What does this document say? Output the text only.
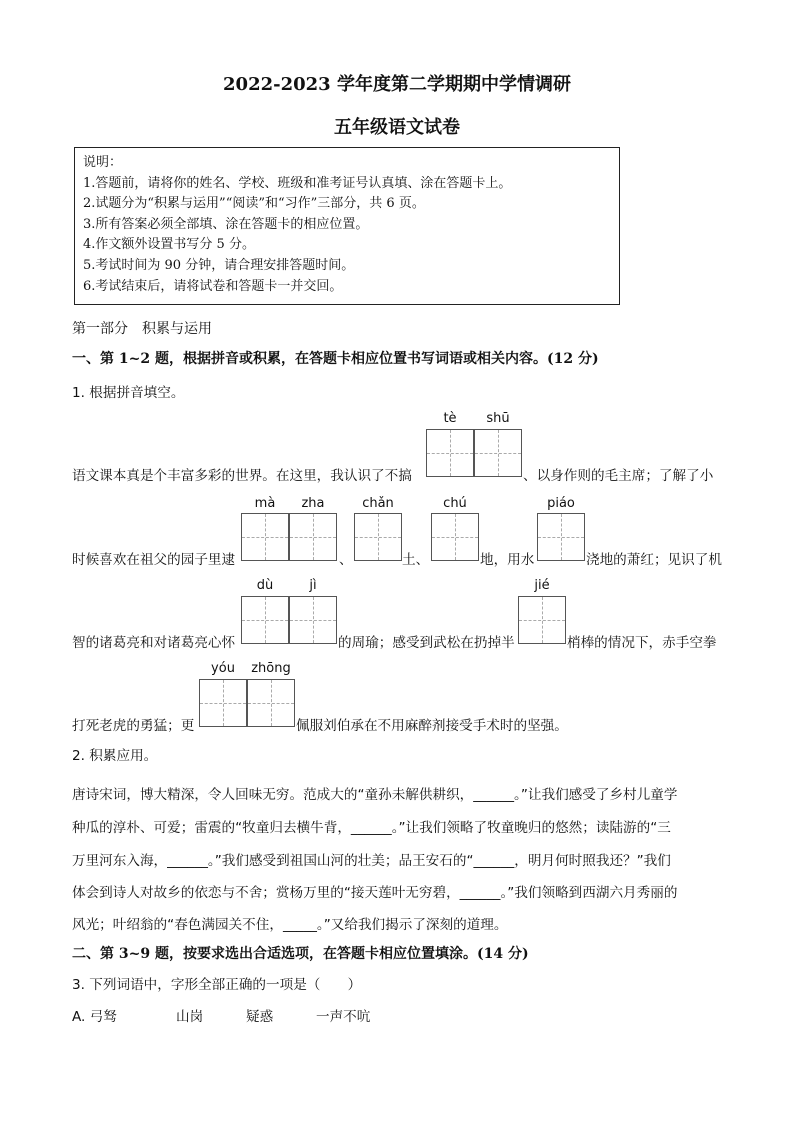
2022-2023 学年度第二学期期中学情调研
五年级语文试卷
说明：
1.答题前，请将你的姓名、学校、班级和准考证号认真填、涂在答题卡上。
2.试题分为“积累与运用”“阅读”和“习作”三部分，共 6 页。
3.所有答案必须全部填、涂在答题卡的相应位置。
4.作文额外设置书写分 5 分。
5.考试时间为 90 分钟，请合理安排答题时间。
6.考试结束后，请将试卷和答题卡一并交回。
第一部分　积累与运用
一、第 1~2 题，根据拼音或积累，在答题卡相应位置书写词语或相关内容。(12 分)
1. 根据拼音填空。
tè	shū
语文课本真是个丰富多彩的世界。在这里，我认识了不搞	、以身作则的毛主席；了解了小
mà	zha	chǎn	chú	piáo
时候喜欢在祖父的园子里逮	、	土、	地，用水	浇地的萧红；见识了机
dù	jì	jié
智的诸葛亮和对诸葛亮心怀	的周瑜；感受到武松在扔掉半	梢棒的情况下，赤手空拳
yóu	zhōng
打死老虎的勇猛；更	佩服刘伯承在不用麻醉剂接受手术时的坚强。
2. 积累应用。
唐诗宋词，博大精深，令人回味无穷。范成大的“童孙未解供耕织，______。”让我们感受了乡村儿童学
种瓜的淳朴、可爱；雷震的“牧童归去横牛背，______。”让我们领略了牧童晚归的悠然；读陆游的“三
万里河东入海，______。”我们感受到祖国山河的壮美；品王安石的“______，明月何时照我还？”我们
体会到诗人对故乡的依恋与不舍；赏杨万里的“接天莲叶无穷碧，______。”我们领略到西湖六月秀丽的
风光；叶绍翁的“春色满园关不住，_____。”又给我们揭示了深刻的道理。
二、第 3~9 题，按要求选出合适选项，在答题卡相应位置填涂。(14 分)
3. 下列词语中，字形全部正确的一项是（　　）
A. 弓驽	山岗	疑惑	一声不吭
